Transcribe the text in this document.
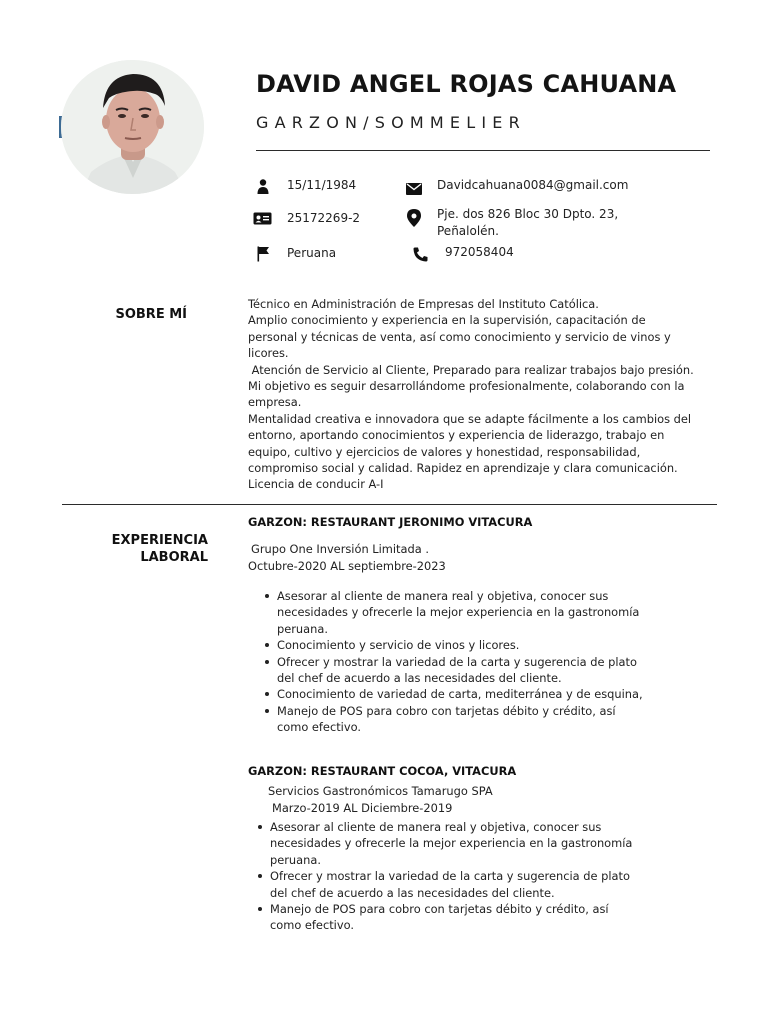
DAVID ANGEL ROJAS CAHUANA
GARZON/SOMMELIER
15/11/1984
25172269-2
Peruana
Davidcahuana0084@gmail.com
Pje. dos 826 Bloc 30 Dpto. 23,
Peñalolén.
972058404
SOBRE MÍ
Técnico en Administración de Empresas del Instituto Católica.
Amplio conocimiento y experiencia en la supervisión, capacitación de
personal y técnicas de venta, así como conocimiento y servicio de vinos y
licores.
Atención de Servicio al Cliente, Preparado para realizar trabajos bajo presión.
Mi objetivo es seguir desarrollándome profesionalmente, colaborando con la
empresa.
Mentalidad creativa e innovadora que se adapte fácilmente a los cambios del
entorno, aportando conocimientos y experiencia de liderazgo, trabajo en
equipo, cultivo y ejercicios de valores y honestidad, responsabilidad,
compromiso social y calidad. Rapidez en aprendizaje y clara comunicación.
Licencia de conducir A-I
EXPERIENCIA
LABORAL
GARZON: RESTAURANT JERONIMO VITACURA
Grupo One Inversión Limitada .
Octubre-2020 AL septiembre-2023
Asesorar al cliente de manera real y objetiva, conocer sus
necesidades y ofrecerle la mejor experiencia en la gastronomía
peruana.
Conocimiento y servicio de vinos y licores.
Ofrecer y mostrar la variedad de la carta y sugerencia de plato
del chef de acuerdo a las necesidades del cliente.
Conocimiento de variedad de carta, mediterránea y de esquina,
Manejo de POS para cobro con tarjetas débito y crédito, así
como efectivo.
GARZON: RESTAURANT COCOA, VITACURA
Servicios Gastronómicos Tamarugo SPA
Marzo-2019 AL Diciembre-2019
Asesorar al cliente de manera real y objetiva, conocer sus
necesidades y ofrecerle la mejor experiencia en la gastronomía
peruana.
Ofrecer y mostrar la variedad de la carta y sugerencia de plato
del chef de acuerdo a las necesidades del cliente.
Manejo de POS para cobro con tarjetas débito y crédito, así
como efectivo.
